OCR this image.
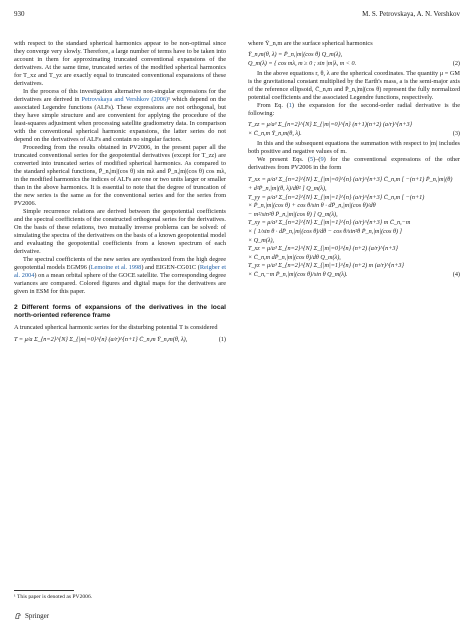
930	M. S. Petrovskaya, A. N. Vershkov

with respect to the standard spherical harmonics appear to be non-optimal since they converge very slowly. Therefore, a large number of terms have to be taken into account in them for approximating truncated conventional expansions of the derivatives. At the same time, truncated series of the modified spherical harmonics for T_xz and T_yz are exactly equal to truncated conventional expansions of these derivatives.

In the process of this investigation alternative non-singular expressions for the derivatives are derived in Petrovskaya and Vershkov (2006)¹ which depend on the associated Legendre functions (ALFs). These expressions are not orthogonal, but they have simple structure and are convenient for applying the procedure of the least-squares adjustment when processing satellite gradiometry data. In comparison with the conventional spherical harmonic expansions, the latter series do not depend on the derivatives of ALFs and contain no singular factors.

Proceeding from the results obtained in PV2006, in the present paper all the truncated conventional series for the geopotential derivatives (except for T_zz) are converted into truncated series of modified spherical harmonics. As compared to the standard spherical functions, P̄_n,|m|(cos θ) sin mλ and P̄_n,|m|(cos θ) cos mλ, in the modified harmonics the indices of ALFs are one or two units larger or smaller than in the above harmonics. It is essential to note that the degree of truncation of the new series is the same as for the conventional series and for the series from PV2006.

Simple recurrence relations are derived between the geopotential coefficients and the spectral coefficients of the constructed orthogonal series for the derivatives. On the basis of these relations, two mutually inverse problems can be solved: of simulating the spectra of the derivatives on the basis of a known geopotential model and evaluating the geopotential coefficients from a known spectrum of each derivative.

The spectral coefficients of the new series are synthesized from the high degree geopotential models EGM96 (Lemoine et al. 1998) and EIGEN-CG01C (Reigber et al. 2004) on a mean orbital sphere of the GOCE satellite. The corresponding degree variances are compared. Colored figures and digital maps for the derivatives are given in ESM for this paper.

2 Different forms of expansions of the derivatives in the local north-oriented reference frame

A truncated spherical harmonic series for the disturbing potential T is considered

T = μ/a Σ_{n=2}^{N} Σ_{|m|=0}^{n} (a/r)^{n+1} C̄_n,m Ȳ_n,m(θ, λ),	(1)

where Ȳ_n,m are the surface spherical harmonics

Ȳ_n,m(θ, λ) = P̄_n,|m|(cos θ) Q_m(λ),
Q_m(λ) = { cos mλ, m ≥ 0 ; sin |m|λ, m < 0.	(2)

In the above equations r, θ, λ are the spherical coordinates. The quantity μ = GM is the gravitational constant multiplied by the Earth's mass, a is the semi-major axis of the reference ellipsoid, C̄_n,m and P̄_n,|m|(cos θ) represent the fully normalized potential coefficients and the associated Legendre functions, respectively.

From Eq. (1) the expansion for the second-order radial derivative is the following:

T_zz = μ/a³ Σ_{n=2}^{N} Σ_{|m|=0}^{n} (n+1)(n+2) (a/r)^{n+3}
× C̄_n,m Ȳ_n,m(θ, λ).	(3)

In this and the subsequent equations the summation with respect to |m| includes both positive and negative values of m.

We present Eqs. (5)–(9) for the conventional expressions of the other derivatives from PV2006 in the form

T_xx = μ/a³ Σ_{n=2}^{N} Σ_{|m|=0}^{n} (a/r)^{n+3} C̄_n,m [ −(n+1) P̄_n,|m|(θ)
+ d²P̄_n,|m|(θ, λ)/dθ² ] Q_m(λ),
T_yy = μ/a³ Σ_{n=2}^{N} Σ_{|m|=1}^{n} (a/r)^{n+3} C̄_n,m [ −(n+1)
× P̄_n,|m|(cos θ) + cos θ/sin θ · dP̄_n,|m|(cos θ)/dθ
− m²/sin²θ P̄_n,|m|(cos θ) ] Q_m(λ),
T_xy = μ/a³ Σ_{n=2}^{N} Σ_{|m|=1}^{n} (a/r)^{n+3} m C̄_n,−m
× [ 1/sin θ · dP̄_n,|m|(cos θ)/dθ − cos θ/sin²θ P̄_n,|m|(cos θ) ]
× Q_m(λ),
T_xz = μ/a³ Σ_{n=2}^{N} Σ_{|m|=0}^{n} (n+2) (a/r)^{n+3}
× C̄_n,m dP̄_n,|m|(cos θ)/dθ Q_m(λ),
T_yz = μ/a³ Σ_{n=2}^{N} Σ_{|m|=1}^{n} (n+2) m (a/r)^{n+3}
× C̄_n,−m P̄_n,|m|(cos θ)/sin θ Q_m(λ).	(4)
¹ This paper is denoted as PV2006.
Springer
